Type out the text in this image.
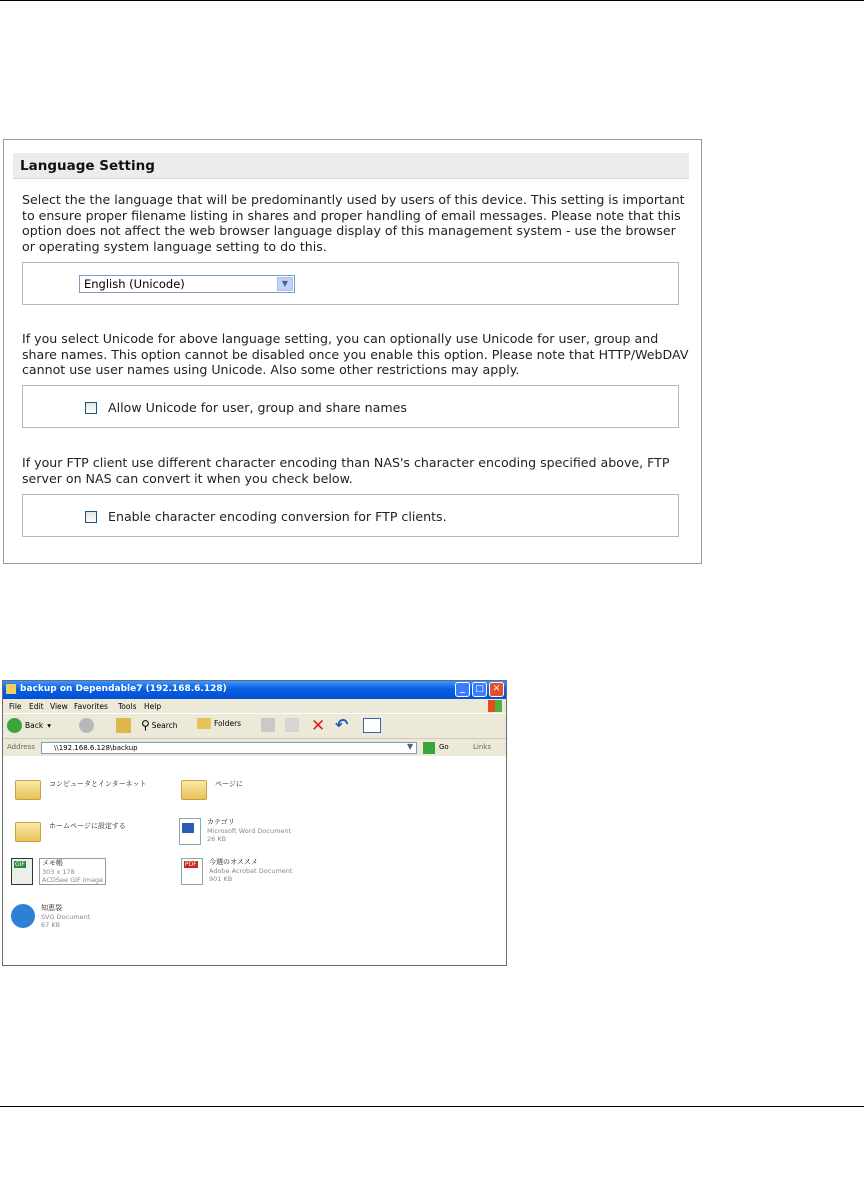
Language Setting

Select the the language that will be predominantly used by users of this device. This setting is important to ensure proper filename listing in shares and proper handling of email messages. Please note that this option does not affect the web browser language display of this management system - use the browser or operating system language setting to do this.

English (Unicode)	▼

If you select Unicode for above language setting, you can optionally use Unicode for user, group and share names. This option cannot be disabled once you enable this option. Please note that HTTP/WebDAV cannot use user names using Unicode. Also some other restrictions may apply.

Allow Unicode for user, group and share names

If your FTP client use different character encoding than NAS's character encoding specified above, FTP server on NAS can convert it when you check below.

Enable character encoding conversion for FTP clients.
backup on Dependable7 (192.168.6.128)	_	□ ✕
File Edit View Favorites Tools Help
Back ▾	⚲ Search	Folders	✕ ↶
Address	\\192.168.6.128\backup	▼	Go	Links
コンピュータとインターネット	ページに
ホームページに設定する	カテゴリ
Microsoft Word Document
26 KB
GIF メモ帳
303 x 178
ACDSee GIF Image
PDF 今週のオススメ
Adobe Acrobat Document
901 KB
知恵袋
SVG Document
67 KB
